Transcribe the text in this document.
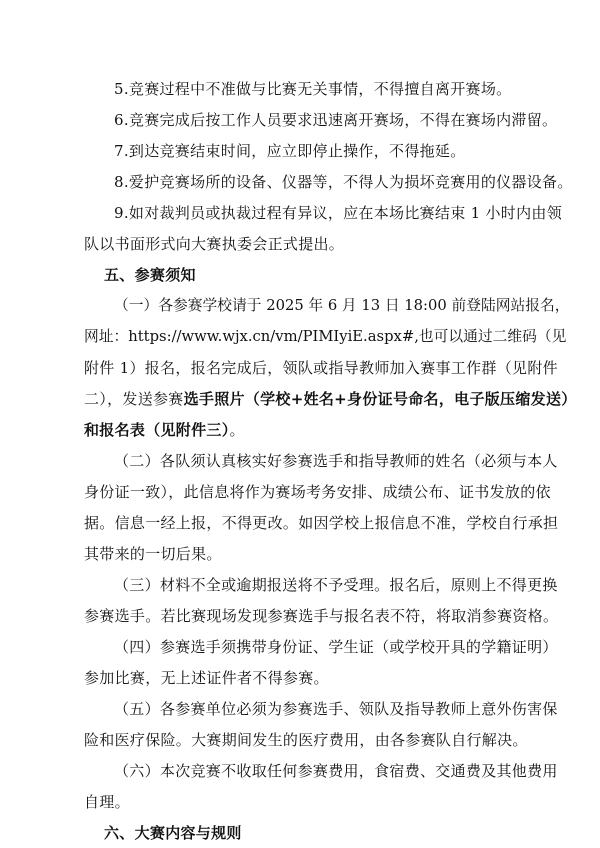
5.竞赛过程中不准做与比赛无关事情，不得擅自离开赛场。
6.竞赛完成后按工作人员要求迅速离开赛场，不得在赛场内滞留。
7.到达竞赛结束时间，应立即停止操作，不得拖延。
8.爱护竞赛场所的设备、仪器等，不得人为损坏竞赛用的仪器设备。
9.如对裁判员或执裁过程有异议，应在本场比赛结束 1 小时内由领
队以书面形式向大赛执委会正式提出。
五、参赛须知
（一）各参赛学校请于 2025 年 6 月 13 日 18:00 前登陆网站报名，
网址：https://www.wjx.cn/vm/PIMIyiE.aspx#,也可以通过二维码（见
附件 1）报名，报名完成后，领队或指导教师加入赛事工作群（见附件
二），发送参赛选手照片（学校+姓名+身份证号命名，电子版压缩发送）
和报名表（见附件三）。
（二）各队须认真核实好参赛选手和指导教师的姓名（必须与本人
身份证一致），此信息将作为赛场考务安排、成绩公布、证书发放的依
据。信息一经上报，不得更改。如因学校上报信息不准，学校自行承担
其带来的一切后果。
（三）材料不全或逾期报送将不予受理。报名后，原则上不得更换
参赛选手。若比赛现场发现参赛选手与报名表不符，将取消参赛资格。
（四）参赛选手须携带身份证、学生证（或学校开具的学籍证明）
参加比赛，无上述证件者不得参赛。
（五）各参赛单位必须为参赛选手、领队及指导教师上意外伤害保
险和医疗保险。大赛期间发生的医疗费用，由各参赛队自行解决。
（六）本次竞赛不收取任何参赛费用，食宿费、交通费及其他费用
自理。
六、大赛内容与规则
